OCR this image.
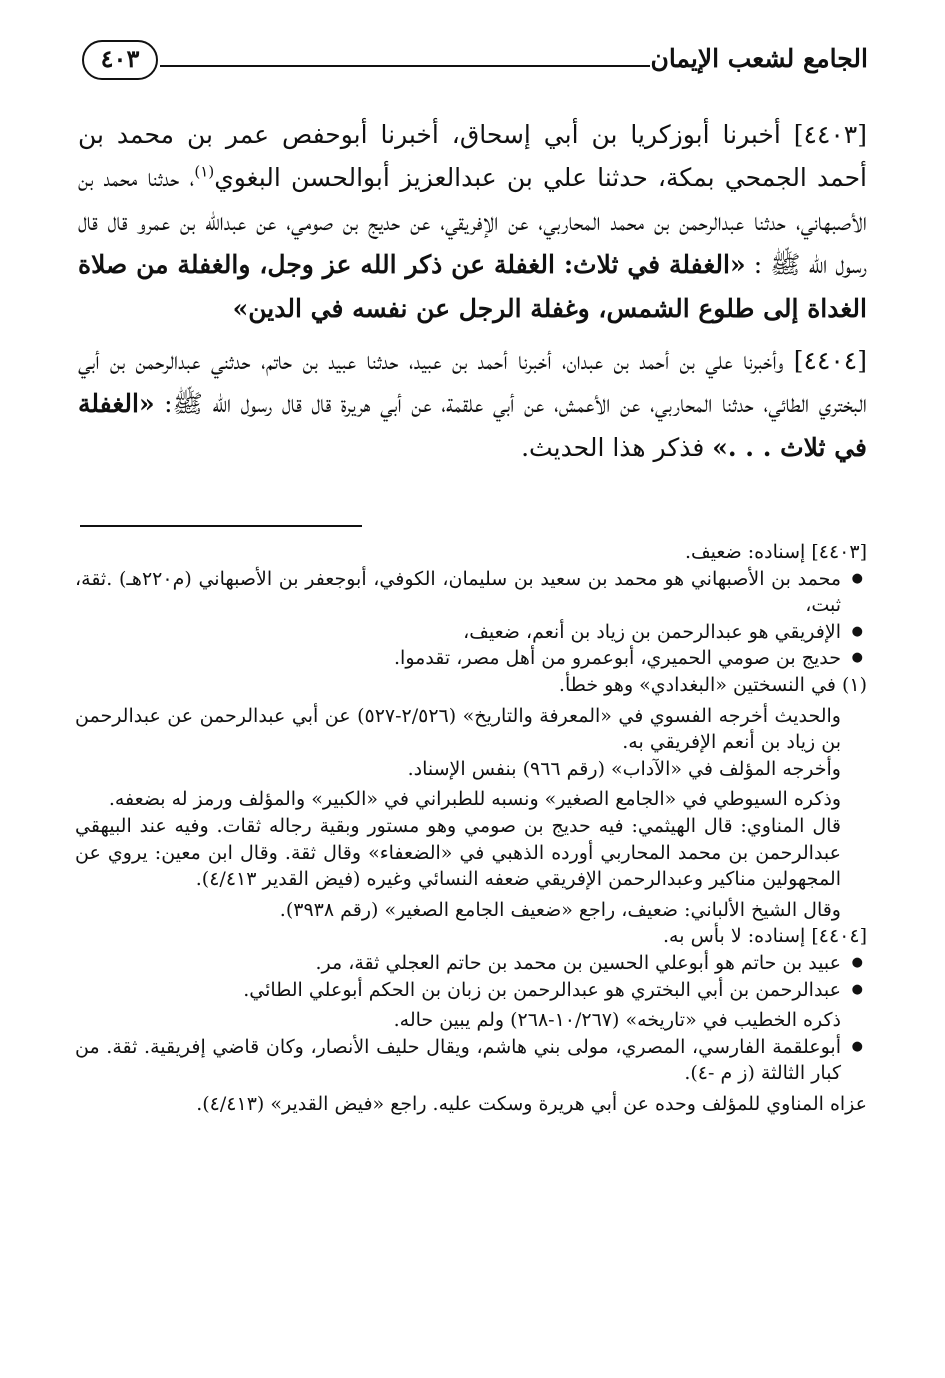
الجامع لشعب الإيمان
٤٠٣

[٤٤٠٣] أخبرنا أبوزكريا بن أبي إسحاق، أخبرنا أبوحفص عمر بن محمد بن أحمد الجمحي بمكة، حدثنا علي بن عبدالعزيز أبوالحسن البغوي$^{(١)}$، حدثنا محمد بن الأصبهاني، حدثنا عبدالرحمن بن محمد المحاربي، عن الإفريقي، عن حديج بن صومي، عن عبدالله بن عمرو قال قال رسول الله ﷺ : «الغفلة في ثلاث: الغفلة عن ذكر الله عز وجل، والغفلة من صلاة الغداة إلى طلوع الشمس، وغفلة الرجل عن نفسه في الدين»

[٤٤٠٤] وأخبرنا علي بن أحمد بن عبدان، أخبرنا أحمد بن عبيد، حدثنا عبيد بن حاتم، حدثني عبدالرحمن بن أبي البختري الطائي، حدثنا المحاربي، عن الأعمش، عن أبي علقمة، عن أبي هريرة قال قال رسول الله ﷺ: «الغفلة في ثلاث . . .» فذكر هذا الحديث.

[٤٤٠٣] إسناده: ضعيف.

● محمد بن الأصبهاني هو محمد بن سعيد بن سليمان، الكوفي، أبوجعفر بن الأصبهاني (م٢٢٠هـ) .ثقة، ثبت،

● الإفريقي هو عبدالرحمن بن زياد بن أنعم، ضعيف،

● حديج بن صومي الحميري، أبوعمرو من أهل مصر، تقدموا.

(١) في النسختين «البغدادي» وهو خطأ.

والحديث أخرجه الفسوي في «المعرفة والتاريخ» (٢/٥٢٦-٥٢٧) عن أبي عبدالرحمن عن عبدالرحمن بن زياد بن أنعم الإفريقي به.

وأخرجه المؤلف في «الآداب» (رقم ٩٦٦) بنفس الإسناد.

وذكره السيوطي في «الجامع الصغير» ونسبه للطبراني في «الكبير» والمؤلف ورمز له بضعفه.

قال المناوي: قال الهيثمي: فيه حديج بن صومي وهو مستور وبقية رجاله ثقات. وفيه عند البيهقي عبدالرحمن بن محمد المحاربي أورده الذهبي في «الضعفاء» وقال ثقة. وقال ابن معين: يروي عن المجهولين مناكير وعبدالرحمن الإفريقي ضعفه النسائي وغيره (فيض القدير ٤/٤١٣).

وقال الشيخ الألباني: ضعيف، راجع «ضعيف الجامع الصغير» (رقم ٣٩٣٨).

[٤٤٠٤] إسناده: لا بأس به.

● عبيد بن حاتم هو أبوعلي الحسين بن محمد بن حاتم العجلي ثقة، مر.

● عبدالرحمن بن أبي البختري هو عبدالرحمن بن زبان بن الحكم أبوعلي الطائي.

ذكره الخطيب في «تاريخه» (١٠/٢٦٧-٢٦٨) ولم يبين حاله.

● أبوعلقمة الفارسي، المصري، مولى بني هاشم، ويقال حليف الأنصار، وكان قاضي إفريقية. ثقة. من كبار الثالثة (ز م -٤).

عزاه المناوي للمؤلف وحده عن أبي هريرة وسكت عليه. راجع «فيض القدير» (٤/٤١٣).
